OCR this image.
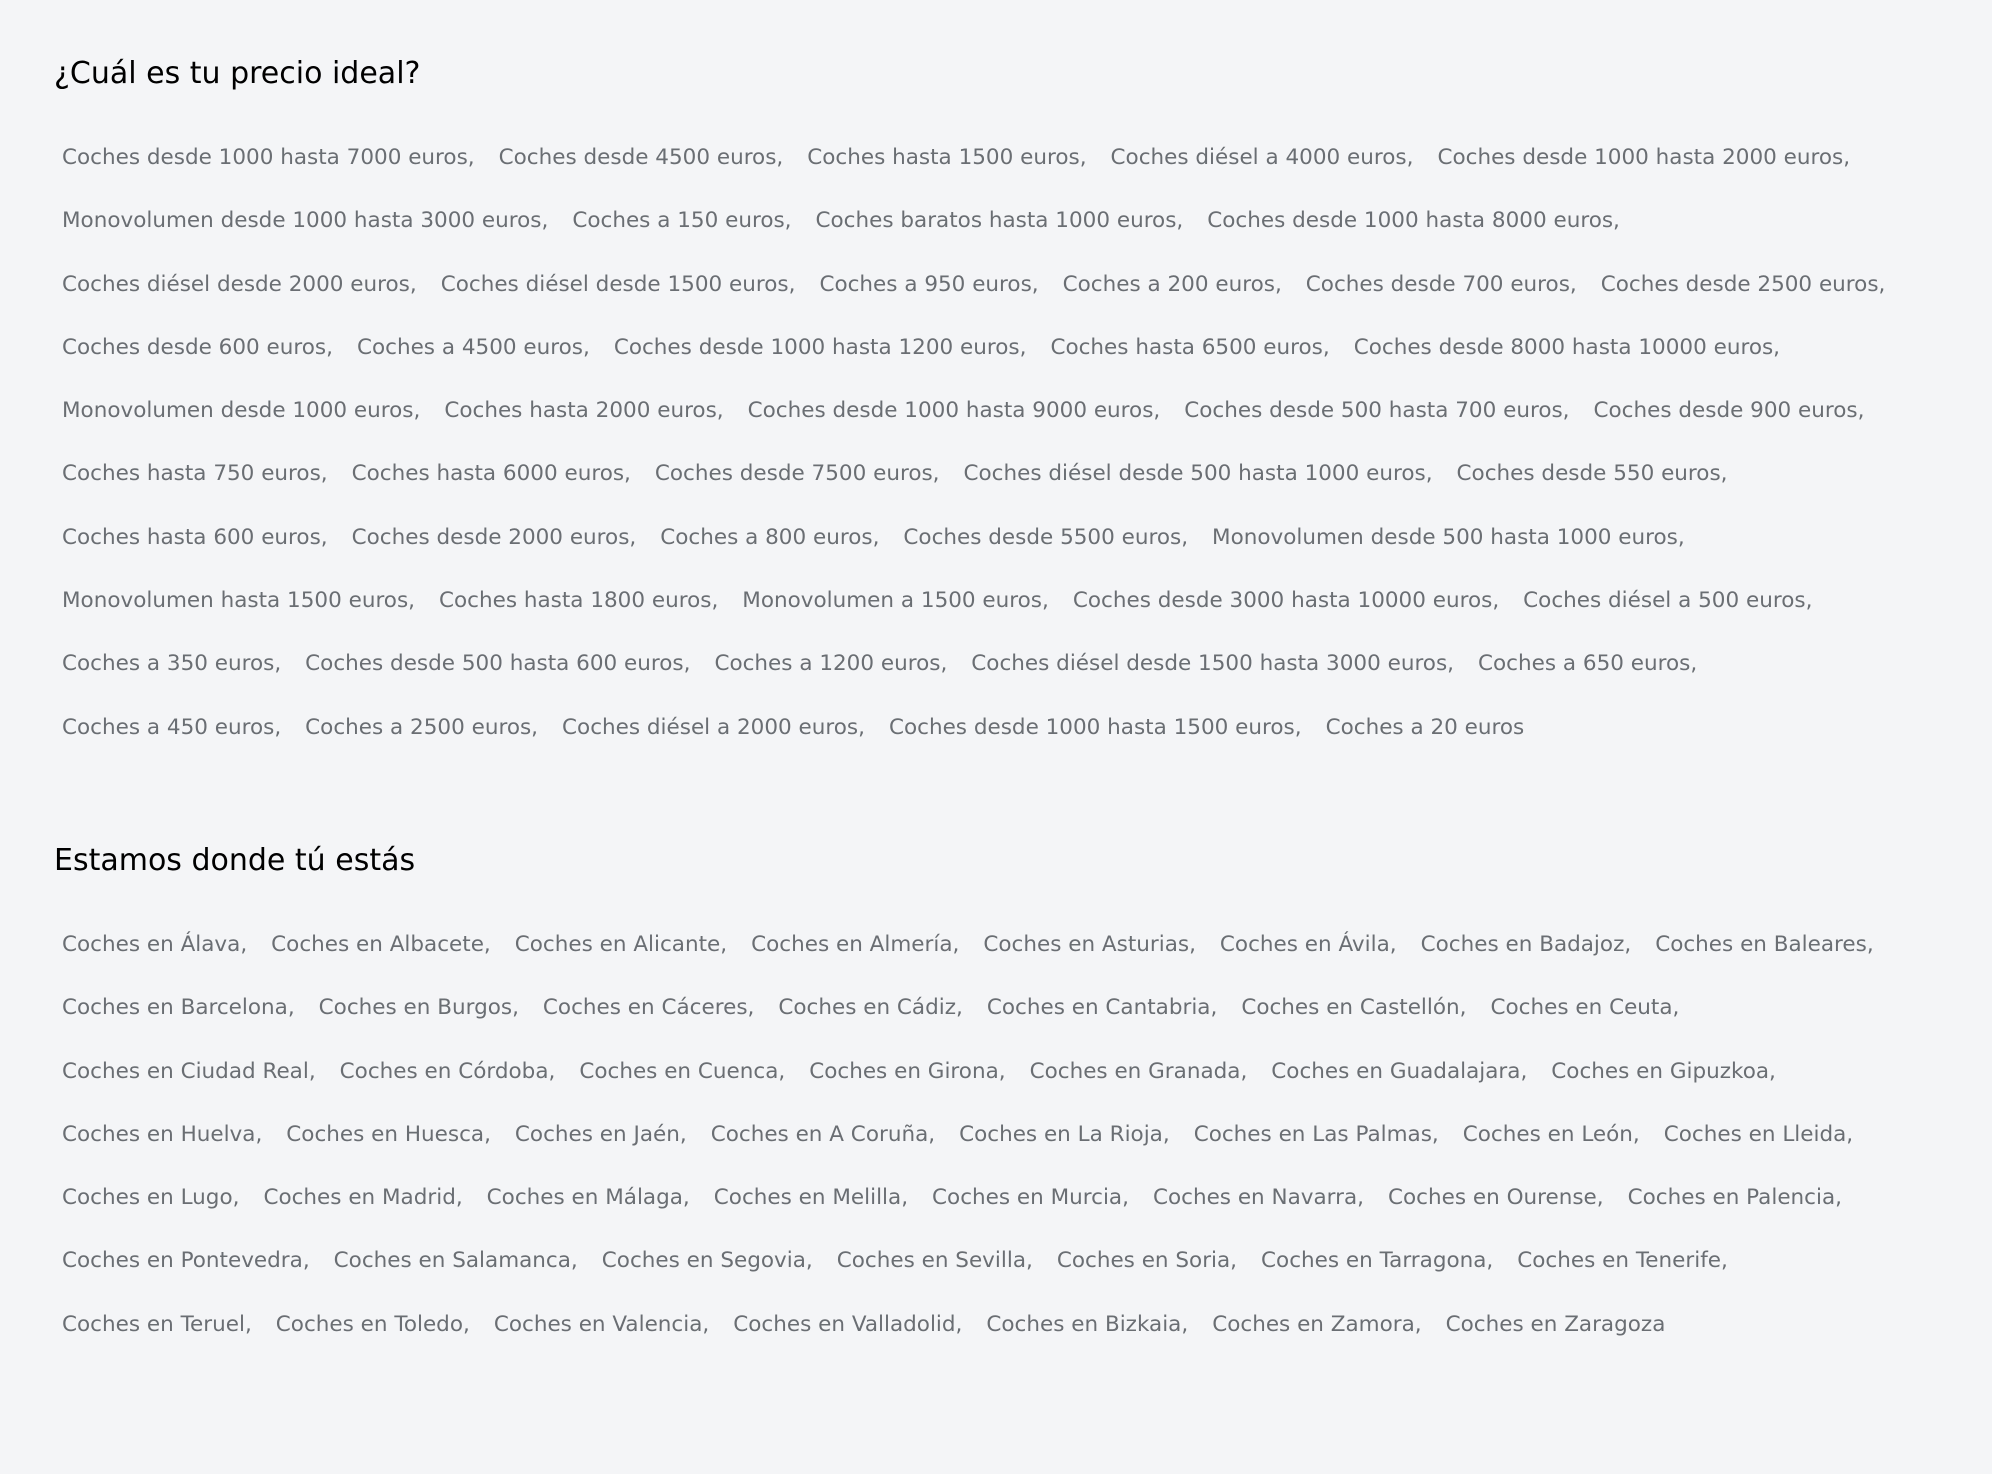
¿Cuál es tu precio ideal?
Coches desde 1000 hasta 7000 euros, Coches desde 4500 euros, Coches hasta 1500 euros, Coches diésel a 4000 euros, Coches desde 1000 hasta 2000 euros,
Monovolumen desde 1000 hasta 3000 euros, Coches a 150 euros, Coches baratos hasta 1000 euros, Coches desde 1000 hasta 8000 euros,
Coches diésel desde 2000 euros, Coches diésel desde 1500 euros, Coches a 950 euros, Coches a 200 euros, Coches desde 700 euros, Coches desde 2500 euros,
Coches desde 600 euros, Coches a 4500 euros, Coches desde 1000 hasta 1200 euros, Coches hasta 6500 euros, Coches desde 8000 hasta 10000 euros,
Monovolumen desde 1000 euros, Coches hasta 2000 euros, Coches desde 1000 hasta 9000 euros, Coches desde 500 hasta 700 euros, Coches desde 900 euros,
Coches hasta 750 euros, Coches hasta 6000 euros, Coches desde 7500 euros, Coches diésel desde 500 hasta 1000 euros, Coches desde 550 euros,
Coches hasta 600 euros, Coches desde 2000 euros, Coches a 800 euros, Coches desde 5500 euros, Monovolumen desde 500 hasta 1000 euros,
Monovolumen hasta 1500 euros, Coches hasta 1800 euros, Monovolumen a 1500 euros, Coches desde 3000 hasta 10000 euros, Coches diésel a 500 euros,
Coches a 350 euros, Coches desde 500 hasta 600 euros, Coches a 1200 euros, Coches diésel desde 1500 hasta 3000 euros, Coches a 650 euros,
Coches a 450 euros, Coches a 2500 euros, Coches diésel a 2000 euros, Coches desde 1000 hasta 1500 euros, Coches a 20 euros
Estamos donde tú estás
Coches en Álava, Coches en Albacete, Coches en Alicante, Coches en Almería, Coches en Asturias, Coches en Ávila, Coches en Badajoz, Coches en Baleares,
Coches en Barcelona, Coches en Burgos, Coches en Cáceres, Coches en Cádiz, Coches en Cantabria, Coches en Castellón, Coches en Ceuta,
Coches en Ciudad Real, Coches en Córdoba, Coches en Cuenca, Coches en Girona, Coches en Granada, Coches en Guadalajara, Coches en Gipuzkoa,
Coches en Huelva, Coches en Huesca, Coches en Jaén, Coches en A Coruña, Coches en La Rioja, Coches en Las Palmas, Coches en León, Coches en Lleida,
Coches en Lugo, Coches en Madrid, Coches en Málaga, Coches en Melilla, Coches en Murcia, Coches en Navarra, Coches en Ourense, Coches en Palencia,
Coches en Pontevedra, Coches en Salamanca, Coches en Segovia, Coches en Sevilla, Coches en Soria, Coches en Tarragona, Coches en Tenerife,
Coches en Teruel, Coches en Toledo, Coches en Valencia, Coches en Valladolid, Coches en Bizkaia, Coches en Zamora, Coches en Zaragoza
